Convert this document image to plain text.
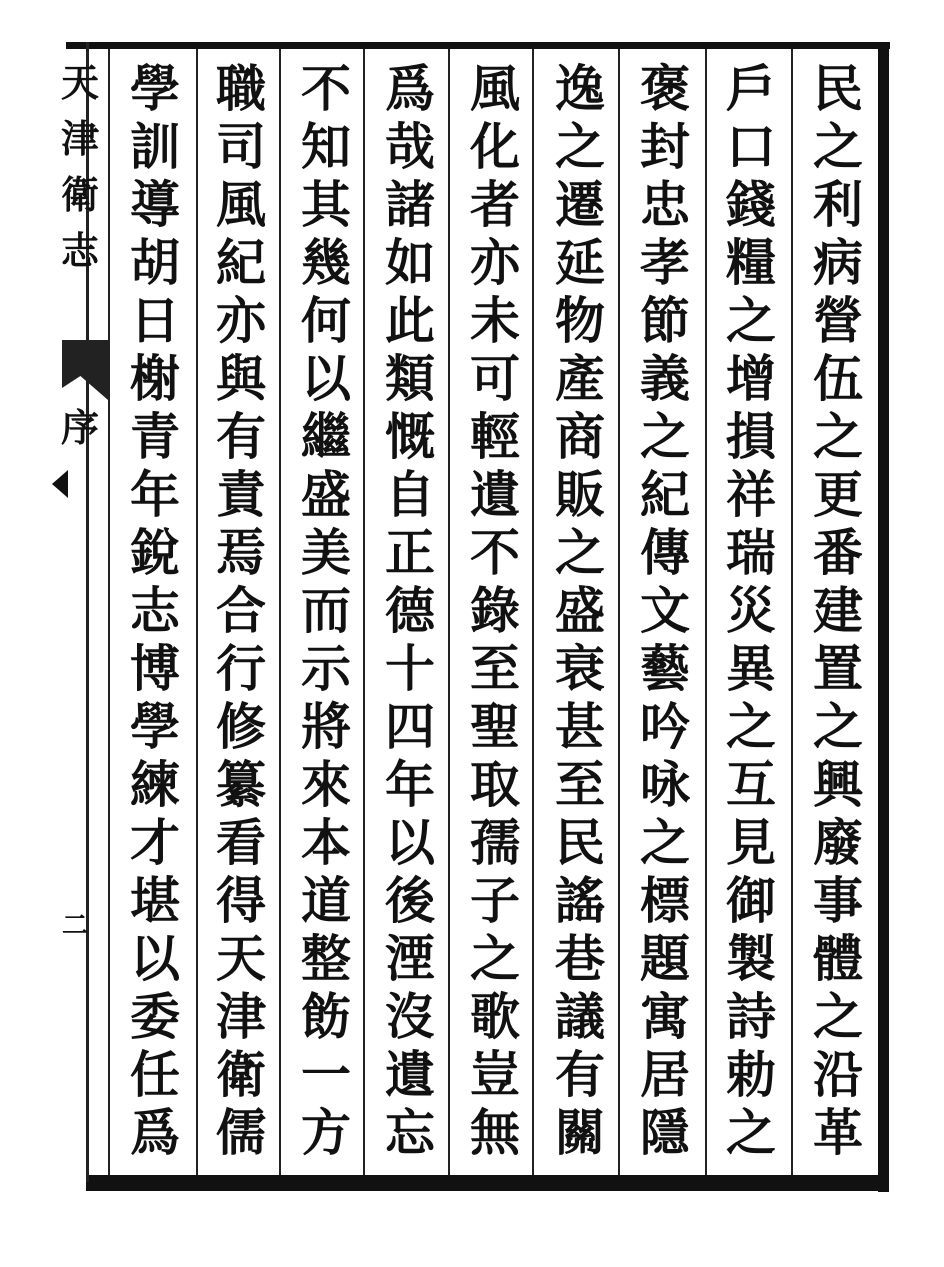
天
津
衛
志
序
二
民
之
利
病
營
伍
之
更
番
建
置
之
興
廢
事
體
之
沿
革
戶
口
錢
糧
之
增
損
祥
瑞
災
異
之
互
見
御
製
詩
勅
之
褒
封
忠
孝
節
義
之
紀
傳
文
藝
吟
咏
之
標
題
寓
居
隱
逸
之
遷
延
物
產
商
販
之
盛
衰
甚
至
民
謠
巷
議
有
關
風
化
者
亦
未
可
輕
遺
不
錄
至
聖
取
孺
子
之
歌
豈
無
爲
哉
諸
如
此
類
慨
自
正
德
十
四
年
以
後
湮
沒
遺
忘
不
知
其
幾
何
以
繼
盛
美
而
示
將
來
本
道
整
飭
一
方
職
司
風
紀
亦
與
有
責
焉
合
行
修
纂
看
得
天
津
衛
儒
學
訓
導
胡
日
榭
青
年
銳
志
博
學
練
才
堪
以
委
任
爲
